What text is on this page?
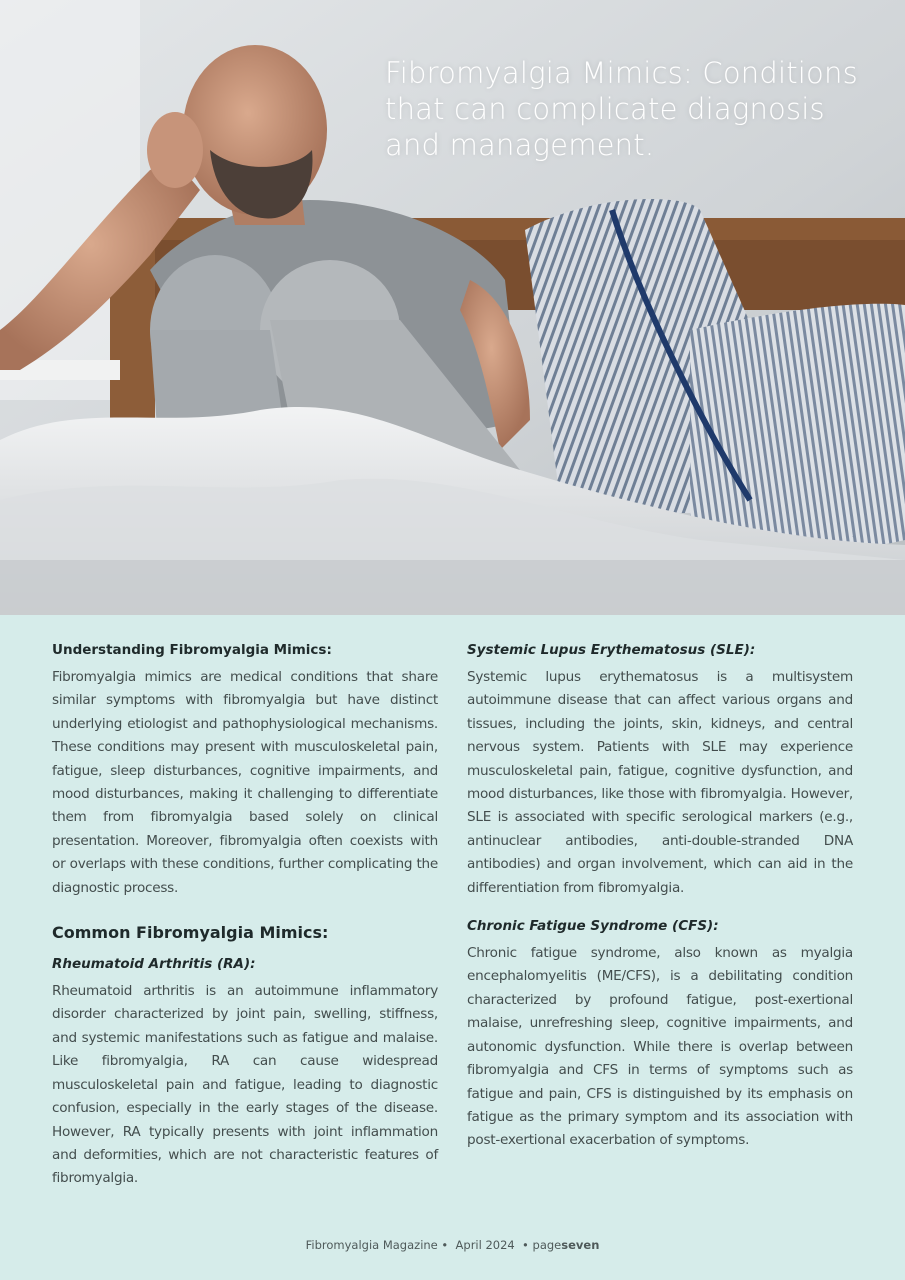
Fibromyalgia Mimics: Conditions that can complicate diagnosis and management.
Understanding Fibromyalgia Mimics:

Fibromyalgia mimics are medical conditions that share similar symptoms with fibromyalgia but have distinct underlying etiologist and pathophysiological mechanisms. These conditions may present with musculoskeletal pain, fatigue, sleep disturbances, cognitive impairments, and mood disturbances, making it challenging to differentiate them from fibromyalgia based solely on clinical presentation. Moreover, fibromyalgia often coexists with or overlaps with these conditions, further complicating the diagnostic process.

Common Fibromyalgia Mimics:
Rheumatoid Arthritis (RA):

Rheumatoid arthritis is an autoimmune inflammatory disorder characterized by joint pain, swelling, stiffness, and systemic manifestations such as fatigue and malaise. Like fibromyalgia, RA can cause widespread musculoskeletal pain and fatigue, leading to diagnostic confusion, especially in the early stages of the disease. However, RA typically presents with joint inflammation and deformities, which are not characteristic features of fibromyalgia.

Systemic Lupus Erythematosus (SLE):

Systemic lupus erythematosus is a multisystem autoimmune disease that can affect various organs and tissues, including the joints, skin, kidneys, and central nervous system. Patients with SLE may experience musculoskeletal pain, fatigue, cognitive dysfunction, and mood disturbances, like those with fibromyalgia. However, SLE is associated with specific serological markers (e.g., antinuclear antibodies, anti-double-stranded DNA antibodies) and organ involvement, which can aid in the differentiation from fibromyalgia.

Chronic Fatigue Syndrome (CFS):

Chronic fatigue syndrome, also known as myalgia encephalomyelitis (ME/CFS), is a debilitating condition characterized by profound fatigue, post-exertional malaise, unrefreshing sleep, cognitive impairments, and autonomic dysfunction. While there is overlap between fibromyalgia and CFS in terms of symptoms such as fatigue and pain, CFS is distinguished by its emphasis on fatigue as the primary symptom and its association with post-exertional exacerbation of symptoms.

Fibromyalgia Magazine •  April 2024  • pageseven
